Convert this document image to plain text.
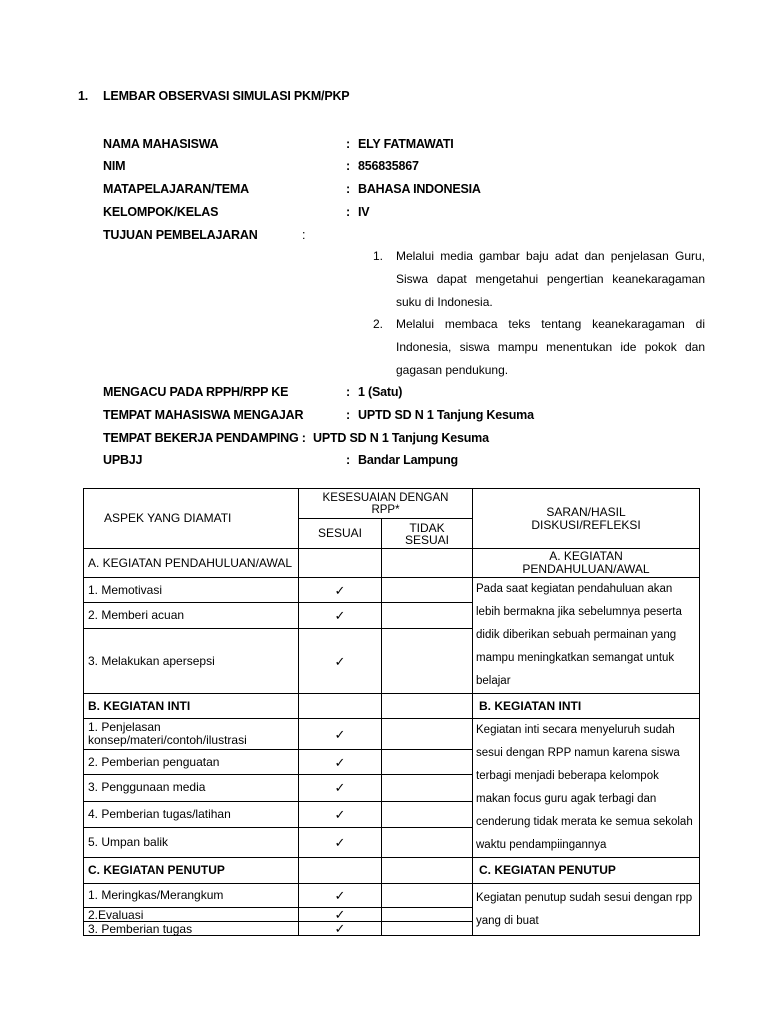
1. LEMBAR OBSERVASI SIMULASI PKM/PKP
NAMA MAHASISWA	: ELY FATMAWATI
NIM	: 856835867
MATAPELAJARAN/TEMA	: BAHASA INDONESIA
KELOMPOK/KELAS	: IV
TUJUAN PEMBELAJARAN	:
MENGACU PADA RPPH/RPP KE	: 1 (Satu)
TEMPAT MAHASISWA MENGAJAR	: UPTD SD N 1 Tanjung Kesuma
TEMPAT BEKERJA PENDAMPING : UPTD SD N 1 Tanjung Kesuma
UPBJJ	: Bandar Lampung
1. Melalui media gambar baju adat dan penjelasan Guru, Siswa dapat mengetahui pengertian keanekaragaman suku di Indonesia.
2. Melalui membaca teks tentang keanekaragaman di Indonesia, siswa mampu menentukan ide pokok dan gagasan pendukung.
ASPEK YANG DIAMATI	KESESUAIAN DENGAN RPP*		SARAN/HASIL DISKUSI/REFLEKSI
	SESUAI	TIDAK SESUAI	
A. KEGIATAN PENDAHULUAN/AWAL			A. KEGIATAN PENDAHULUAN/AWAL
1. Memotivasi	✓		Pada saat kegiatan pendahuluan akan lebih bermakna jika sebelumnya peserta didik diberikan sebuah permainan yang mampu meningkatkan semangat untuk belajar
2. Memberi acuan	✓		
3. Melakukan apersepsi	✓		
B. KEGIATAN INTI			B. KEGIATAN INTI
1. Penjelasan konsep/materi/contoh/ilustrasi	✓		Kegiatan inti secara menyeluruh sudah sesui dengan RPP namun karena siswa terbagi menjadi beberapa kelompok makan focus guru agak terbagi dan cenderung tidak merata ke semua sekolah waktu pendampiingannya
2. Pemberian penguatan	✓		
3. Penggunaan media	✓		
4. Pemberian tugas/latihan	✓		
5. Umpan balik	✓		
C. KEGIATAN PENUTUP			C. KEGIATAN PENUTUP
1. Meringkas/Merangkum	✓		Kegiatan penutup sudah sesui dengan rpp yang di buat
2.Evaluasi	✓		
3. Pemberian tugas	✓		
